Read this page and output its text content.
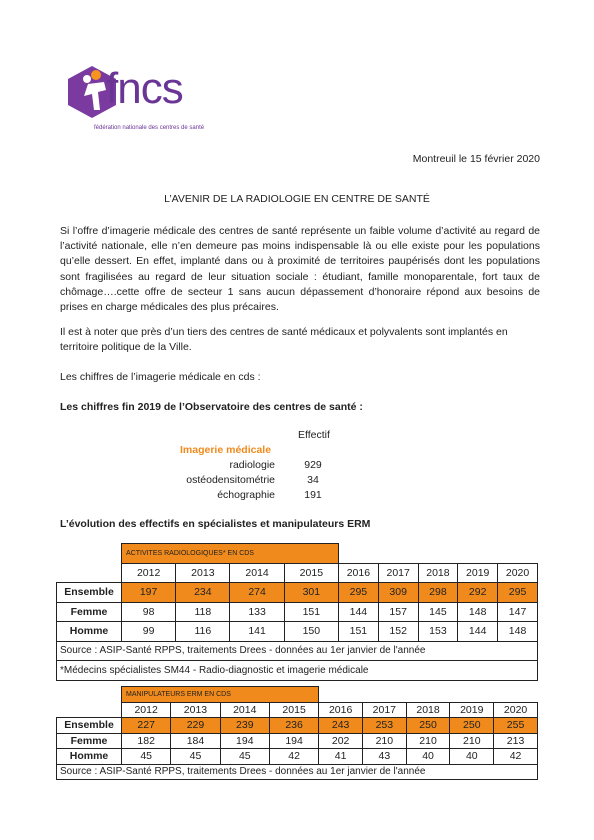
fncs
fédération nationale des centres de santé
Montreuil le 15 février 2020
L’AVENIR DE LA RADIOLOGIE EN CENTRE DE SANTÉ
Si l’offre d’imagerie médicale des centres de santé représente un faible volume d’activité au regard de l’activité nationale, elle n’en demeure pas moins indispensable là ou elle existe pour les populations qu’elle dessert. En effet, implanté dans ou à proximité de territoires paupérisés dont les populations sont fragilisées au regard de leur situation sociale : étudiant, famille monoparentale, fort taux de chômage….cette offre de secteur 1 sans aucun dépassement d’honoraire répond aux besoins de prises en charge médicales des plus précaires.
Il est à noter que près d’un tiers des centres de santé médicaux et polyvalents sont implantés en territoire politique de la Ville.
Les chiffres de l’imagerie médicale en cds :
Les chiffres fin 2019 de l’Observatoire des centres de santé :
Effectif
Imagerie médicale
radiologie	929
ostéodensitométrie	34
échographie	191
L’évolution des effectifs en spécialistes et manipulateurs ERM
	ACTIVITES RADIOLOGIQUES* EN CDS								
	2012	2013	2014	2015	2016	2017	2018	2019	2020
Ensemble	197	234	274	301	295	309	298	292	295
Femme	98	118	133	151	144	157	145	148	147
Homme	99	116	141	150	151	152	153	144	148
Source : ASIP-Santé RPPS, traitements Drees - données au 1er janvier de l'année									
*Médecins spécialistes SM44 - Radio-diagnostic et imagerie médicale									
	MANIPULATEURS ERM EN CDS								
	2012	2013	2014	2015	2016	2017	2018	2019	2020
Ensemble	227	229	239	236	243	253	250	250	255
Femme	182	184	194	194	202	210	210	210	213
Homme	45	45	45	42	41	43	40	40	42
Source : ASIP-Santé RPPS, traitements Drees - données au 1er janvier de l'année									
